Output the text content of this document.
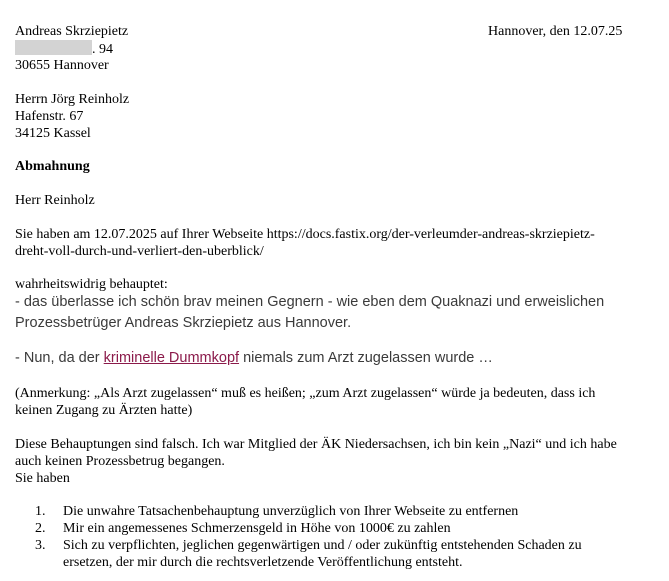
Andreas Skrziepietz	Hannover, den 12.07.25
. 94
30655 Hannover
Herrn Jörg Reinholz
Hafenstr. 67
34125 Kassel
Abmahnung
Herr Reinholz
Sie haben am 12.07.2025 auf Ihrer Webseite https://docs.fastix.org/der-verleumder-andreas-skrziepietz-
dreht-voll-durch-und-verliert-den-uberblick/
wahrheitswidrig behauptet:
- das überlasse ich schön brav meinen Gegnern - wie eben dem Quaknazi und erweislichen
Prozessbetrüger Andreas Skrziepietz aus Hannover.
- Nun, da der kriminelle Dummkopf niemals zum Arzt zugelassen wurde …
(Anmerkung: „Als Arzt zugelassen“ muß es heißen; „zum Arzt zugelassen“ würde ja bedeuten, dass ich
keinen Zugang zu Ärzten hatte)
Diese Behauptungen sind falsch. Ich war Mitglied der ÄK Niedersachsen, ich bin kein „Nazi“ und ich habe
auch keinen Prozessbetrug begangen.
Sie haben
1. Die unwahre Tatsachenbehauptung unverzüglich von Ihrer Webseite zu entfernen
2. Mir ein angemessenes Schmerzensgeld in Höhe von 1000€ zu zahlen
3. Sich zu verpflichten, jeglichen gegenwärtigen und / oder zukünftig entstehenden Schaden zu
ersetzen, der mir durch die rechtsverletzende Veröffentlichung entsteht.
